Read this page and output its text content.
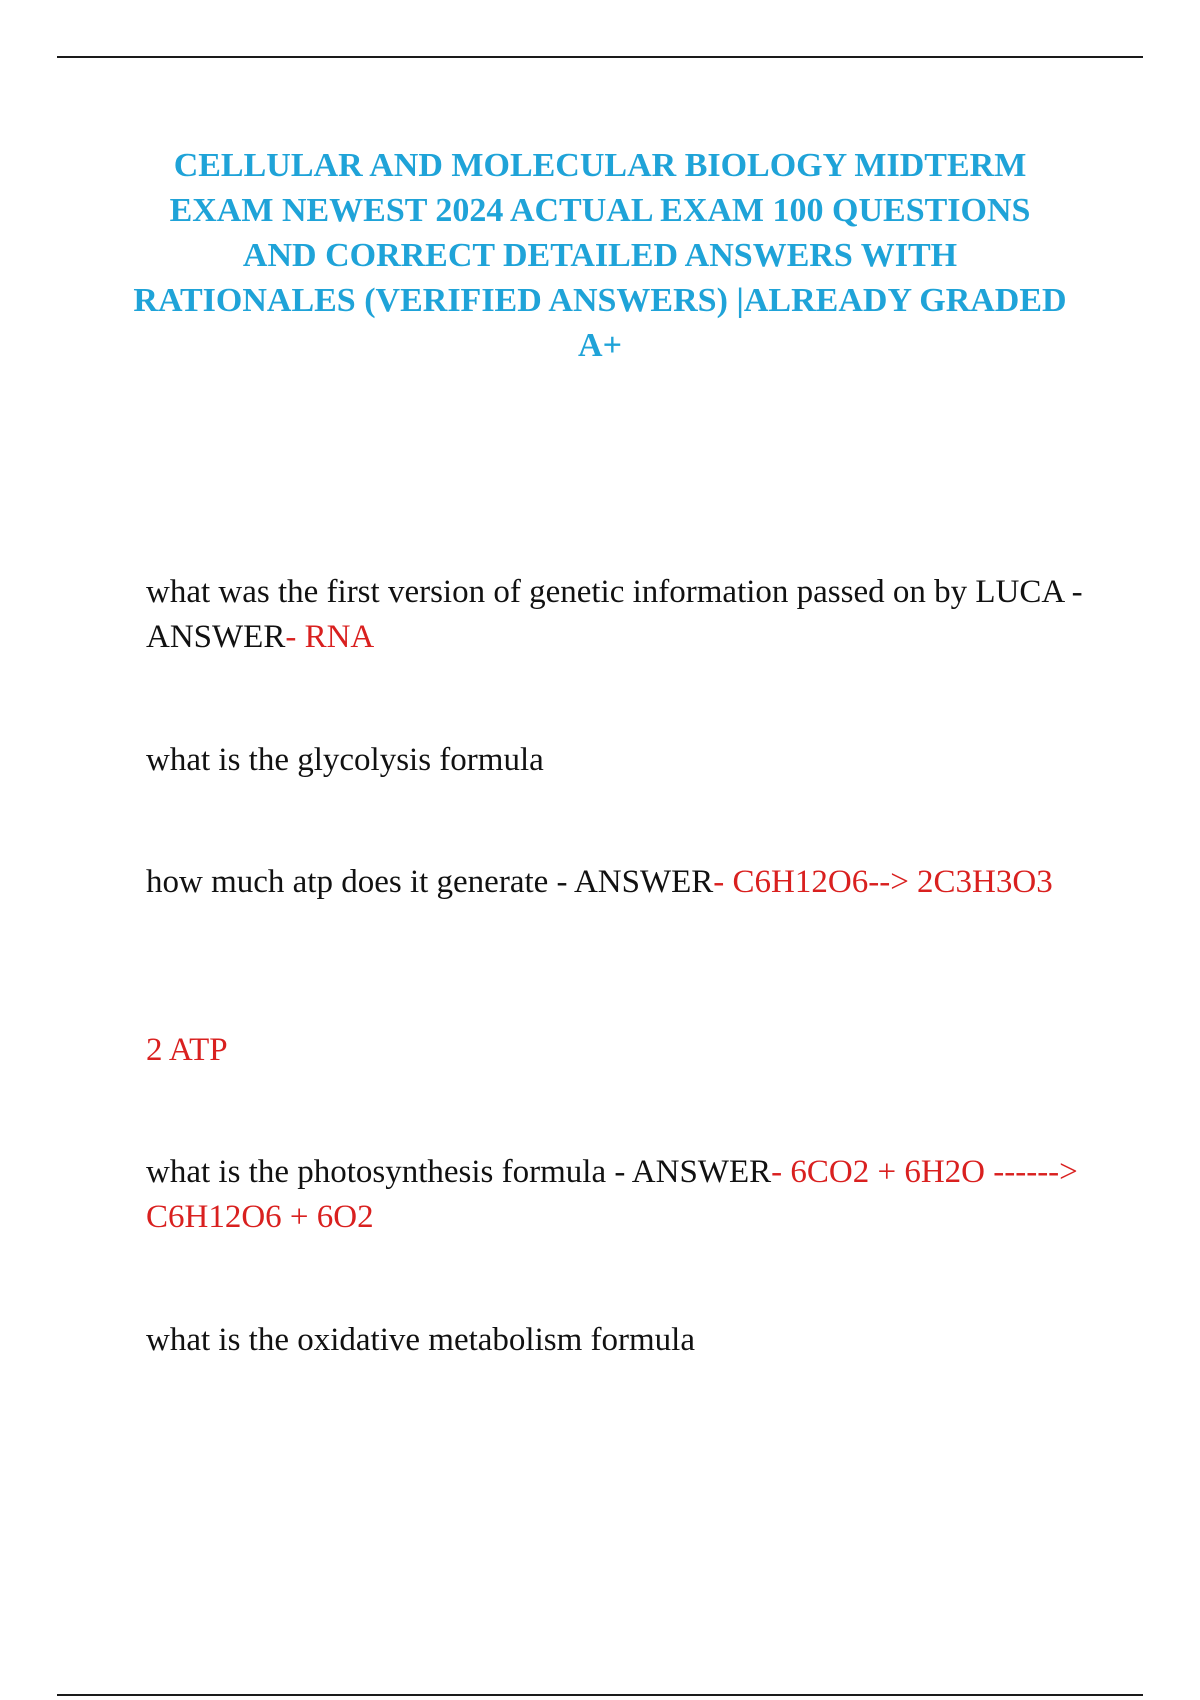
CELLULAR AND MOLECULAR BIOLOGY MIDTERM EXAM NEWEST 2024 ACTUAL EXAM 100 QUESTIONS AND CORRECT DETAILED ANSWERS WITH RATIONALES (VERIFIED ANSWERS) |ALREADY GRADED A+

what was the first version of genetic information passed on by LUCA - ANSWER- RNA

what is the glycolysis formula

how much atp does it generate - ANSWER- C6H12O6--> 2C3H3O3

2 ATP

what is the photosynthesis formula - ANSWER- 6CO2 + 6H2O ------> C6H12O6 + 6O2

what is the oxidative metabolism formula
